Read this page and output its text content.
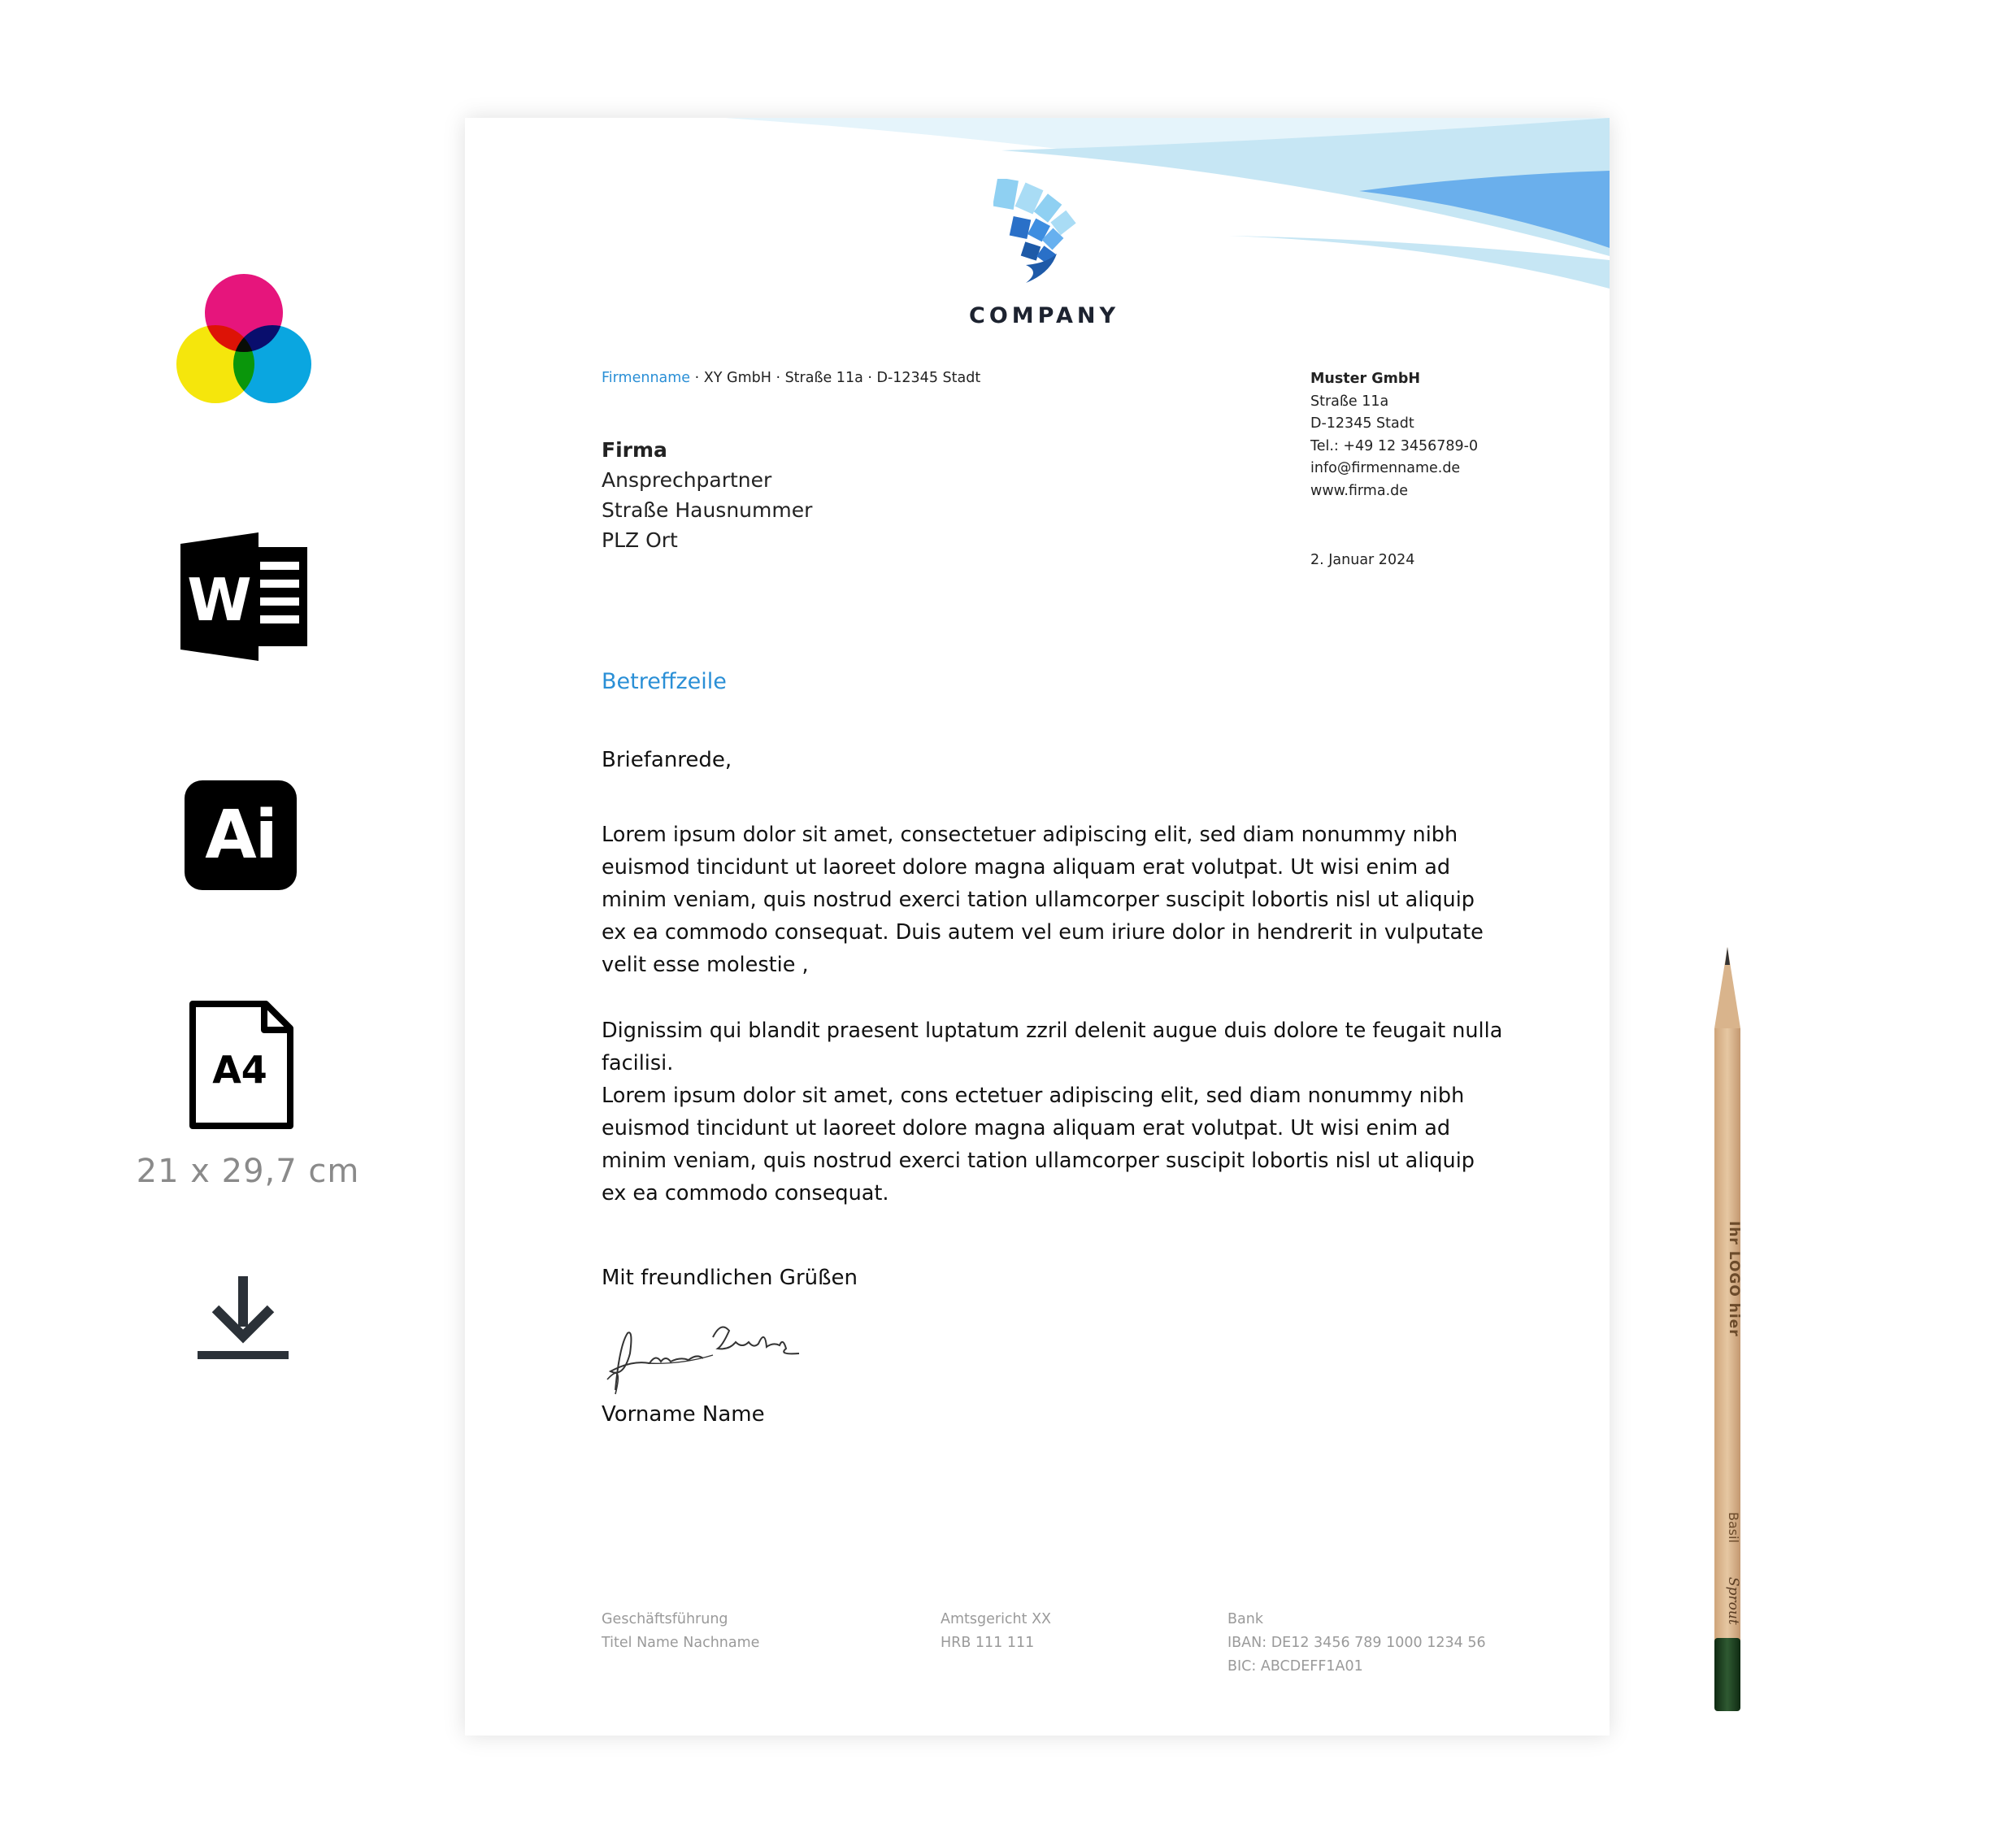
W
Ai
A4
21 x 29,7 cm
COMPANY
Firmenname · XY GmbH · Straße 11a · D-12345 Stadt
Firma
Ansprechpartner
Straße Hausnummer
PLZ Ort
Muster GmbH
Straße 11a
D-12345 Stadt
Tel.: +49 12 3456789-0
info@firmenname.de
www.firma.de
2. Januar 2024
Betreffzeile
Briefanrede,
Lorem ipsum dolor sit amet, consectetuer adipiscing elit, sed diam nonummy nibh euismod tincidunt ut laoreet dolore magna aliquam erat volutpat. Ut wisi enim ad minim veniam, quis nostrud exerci tation ullamcorper suscipit lobortis nisl ut aliquip ex ea commodo consequat. Duis autem vel eum iriure dolor in hendrerit in vulputate velit esse molestie ,
Dignissim qui blandit praesent luptatum zzril delenit augue duis dolore te feugait nulla facilisi.
Lorem ipsum dolor sit amet, cons ectetuer adipiscing elit, sed diam nonummy nibh euismod tincidunt ut laoreet dolore magna aliquam erat volutpat. Ut wisi enim ad minim veniam, quis nostrud exerci tation ullamcorper suscipit lobortis nisl ut aliquip ex ea commodo consequat.
Mit freundlichen Grüßen
Vorname Name
Geschäftsführung
Titel Name Nachname
Amtsgericht XX
HRB 111 111
Bank
IBAN: DE12 3456 789 1000 1234 56
BIC: ABCDEFF1A01
Ihr LOGO hier
Basil
Sprout
